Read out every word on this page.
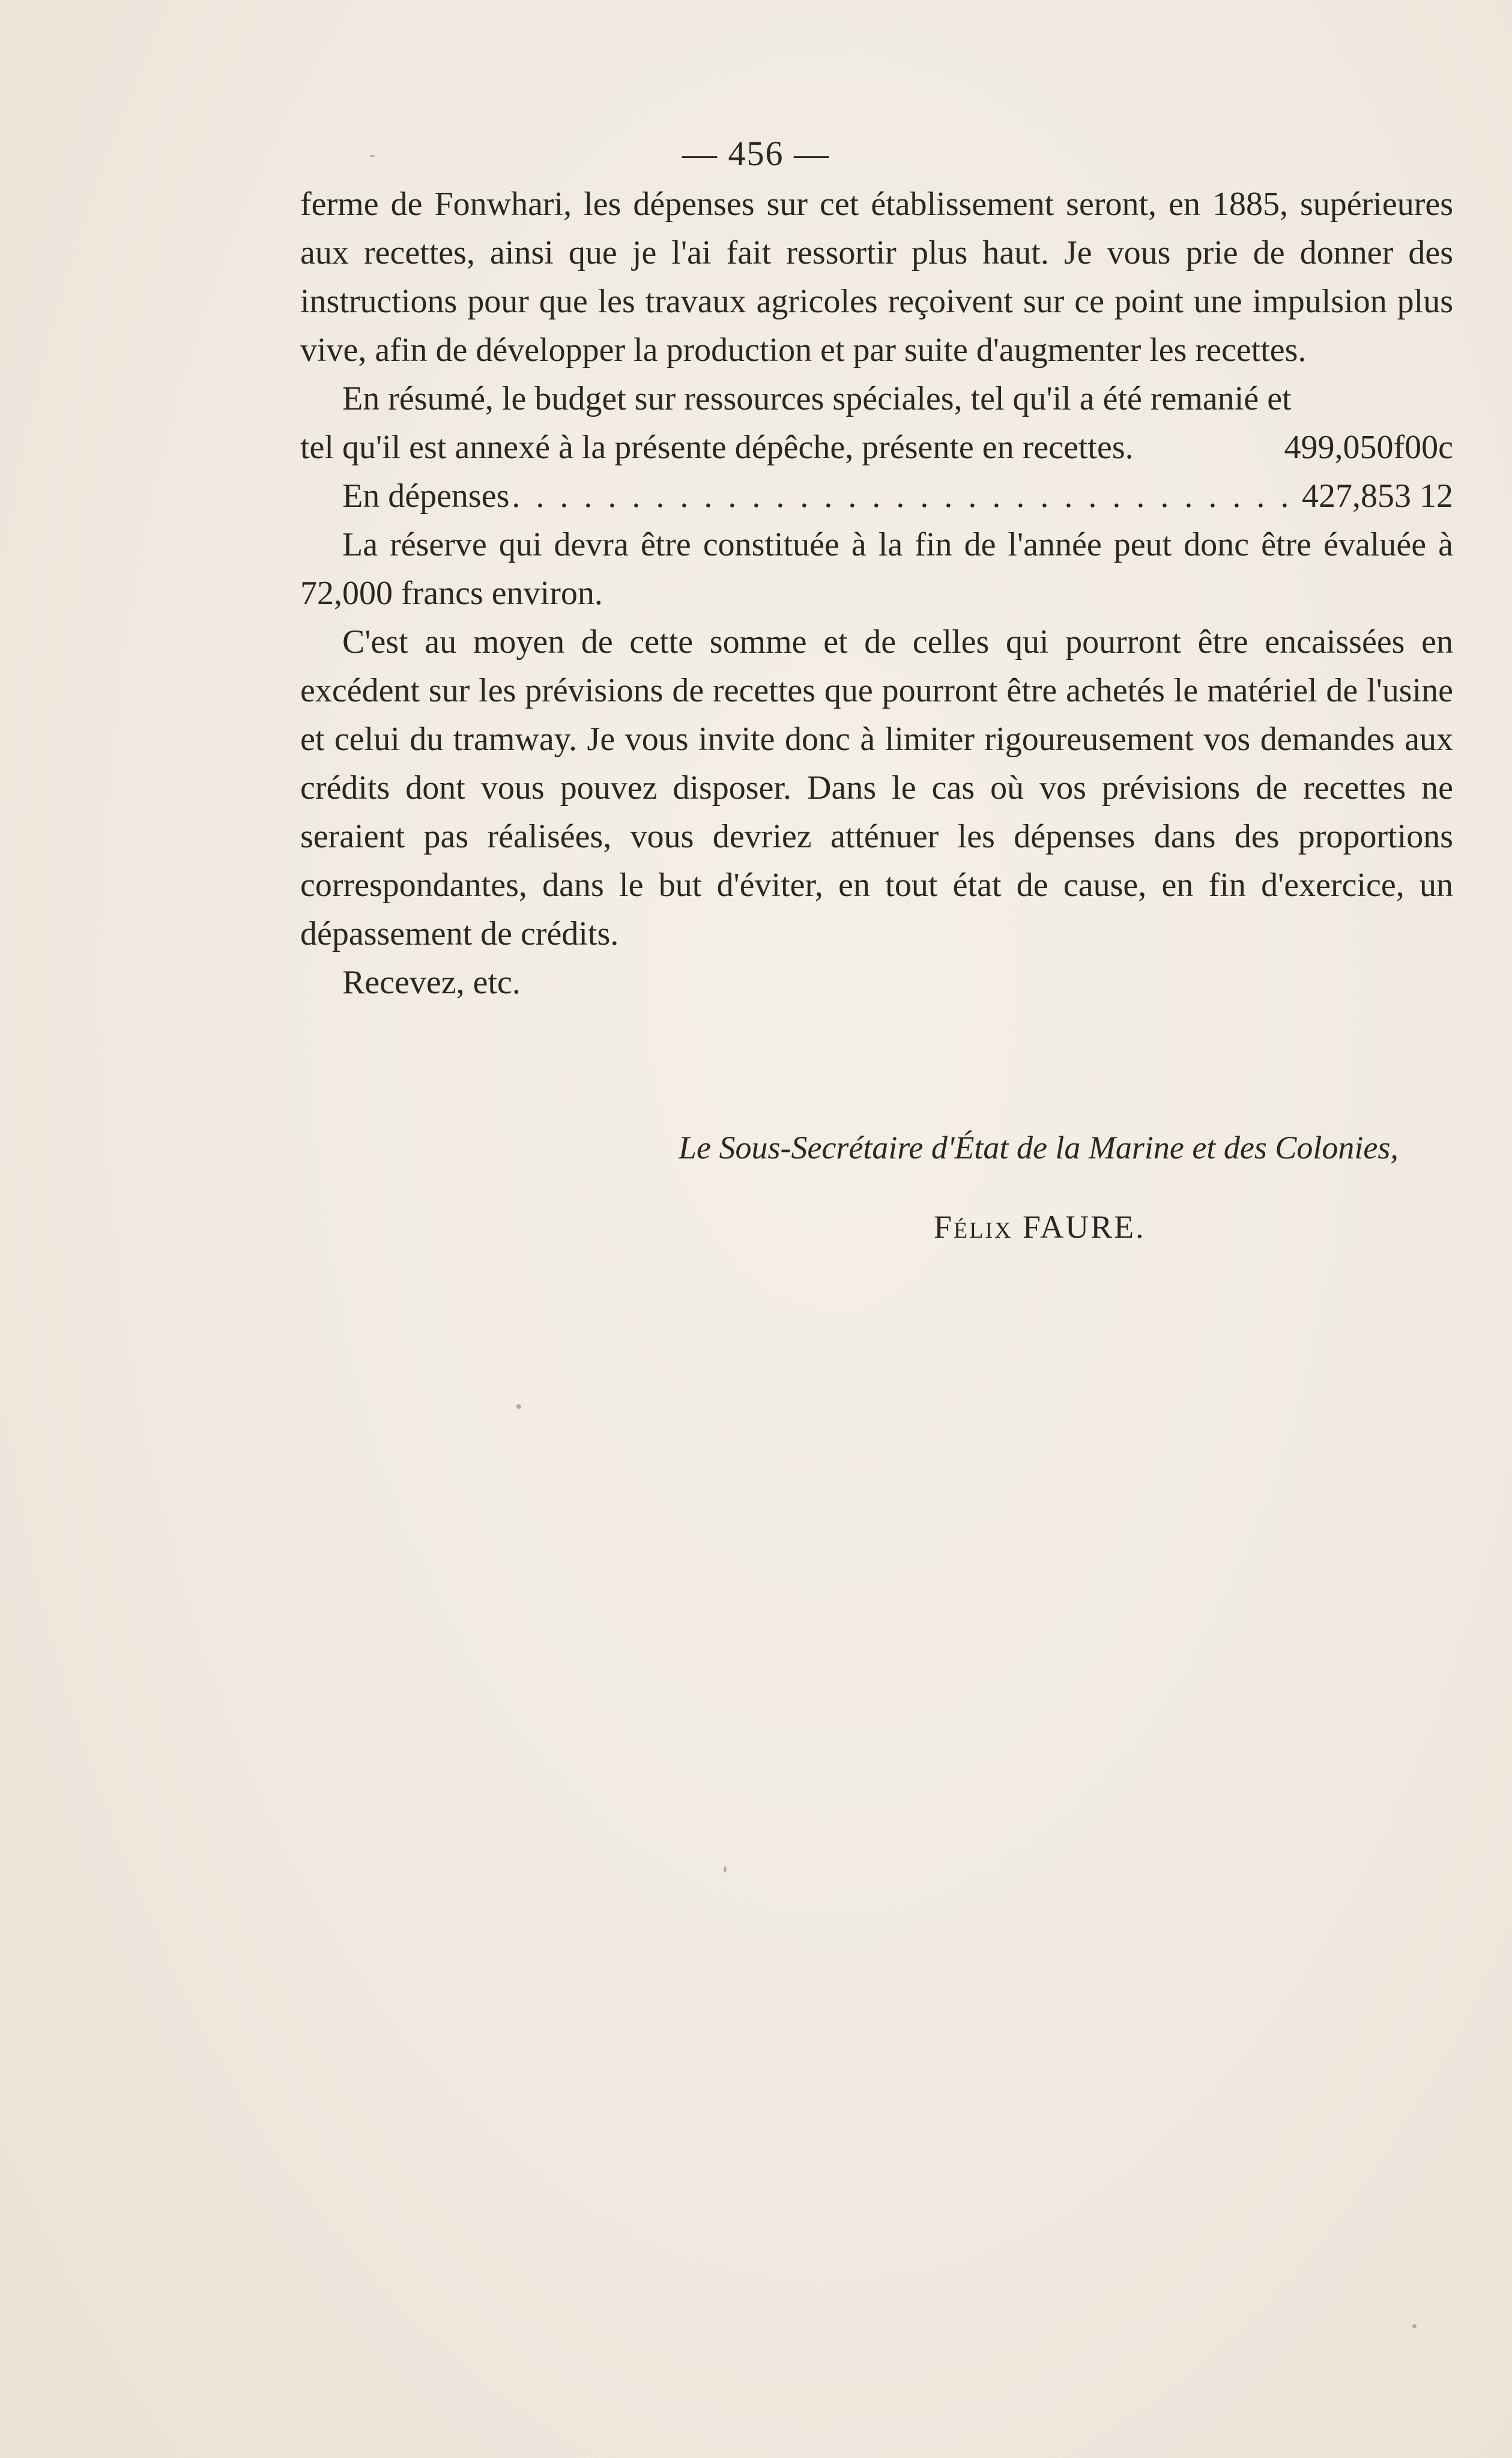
— 456 —

ferme de Fonwhari, les dépenses sur cet établissement seront, en 1885, supérieures aux recettes, ainsi que je l'ai fait ressortir plus haut. Je vous prie de donner des instructions pour que les travaux agricoles reçoivent sur ce point une impulsion plus vive, afin de développer la production et par suite d'augmenter les recettes.

En résumé, le budget sur ressources spéciales, tel qu'il a été remanié et
tel qu'il est annexé à la présente dépêche, présente en recettes.	499,050f00c
En dépenses
. . .	427,853 12

La réserve qui devra être constituée à la fin de l'année peut donc être évaluée à 72,000 francs environ.

C'est au moyen de cette somme et de celles qui pourront être encaissées en excédent sur les prévisions de recettes que pourront être achetés le matériel de l'usine et celui du tramway. Je vous invite donc à limiter rigoureusement vos demandes aux crédits dont vous pouvez disposer. Dans le cas où vos prévisions de recettes ne seraient pas réalisées, vous devriez atténuer les dépenses dans des proportions correspondantes, dans le but d'éviter, en tout état de cause, en fin d'exercice, un dépassement de crédits.

Recevez, etc.

Le Sous-Secrétaire d'État de la Marine et des Colonies,
Félix FAURE.
